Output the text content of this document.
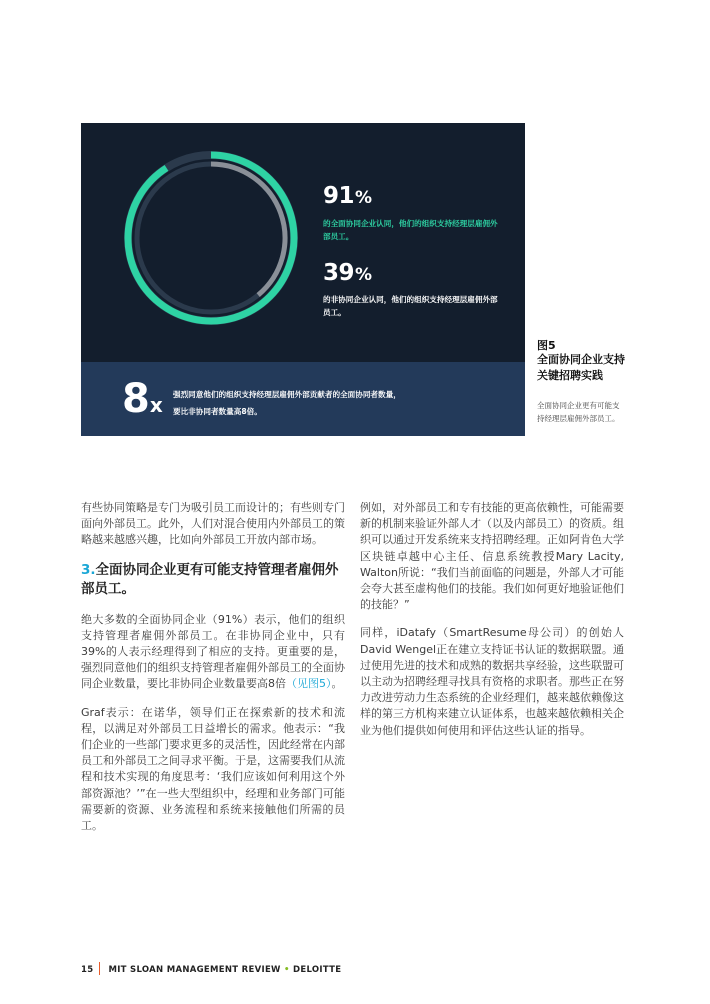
91%
的全面协同企业认同，他们的组织支持经理层雇佣外部员工。
39%
的非协同企业认同，他们的组织支持经理层雇佣外部员工。
8x 强烈同意他们的组织支持经理层雇佣外部贡献者的全面协同者数量，要比非协同者数量高8倍。
图5
全面协同企业支持关键招聘实践
全面协同企业更有可能支持经理层雇佣外部员工。

有些协同策略是专门为吸引员工而设计的；有些则专门面向外部员工。此外，人们对混合使用内外部员工的策略越来越感兴趣，比如向外部员工开放内部市场。

3.全面协同企业更有可能支持管理者雇佣外部员工。

绝大多数的全面协同企业（91%）表示，他们的组织支持管理者雇佣外部员工。在非协同企业中，只有39%的人表示经理得到了相应的支持。更重要的是，强烈同意他们的组织支持管理者雇佣外部员工的全面协同企业数量，要比非协同企业数量要高8倍（见图5）。

Graf表示：在诺华，领导们正在探索新的技术和流程，以满足对外部员工日益增长的需求。他表示：“我们企业的一些部门要求更多的灵活性，因此经常在内部员工和外部员工之间寻求平衡。于是，这需要我们从流程和技术实现的角度思考：‘我们应该如何利用这个外部资源池？’”在一些大型组织中，经理和业务部门可能需要新的资源、业务流程和系统来接触他们所需的员工。

例如，对外部员工和专有技能的更高依赖性，可能需要新的机制来验证外部人才（以及内部员工）的资质。组织可以通过开发系统来支持招聘经理。正如阿肯色大学区块链卓越中心主任、信息系统教授Mary Lacity, Walton所说：“我们当前面临的问题是，外部人才可能会夸大甚至虚构他们的技能。我们如何更好地验证他们的技能？”

同样，iDatafy（SmartResume母公司）的创始人David Wengel正在建立支持证书认证的数据联盟。通过使用先进的技术和成熟的数据共享经验，这些联盟可以主动为招聘经理寻找具有资格的求职者。那些正在努力改进劳动力生态系统的企业经理们，越来越依赖像这样的第三方机构来建立认证体系，也越来越依赖相关企业为他们提供如何使用和评估这些认证的指导。

15 MIT SLOAN MANAGEMENT REVIEW • DELOITTE
